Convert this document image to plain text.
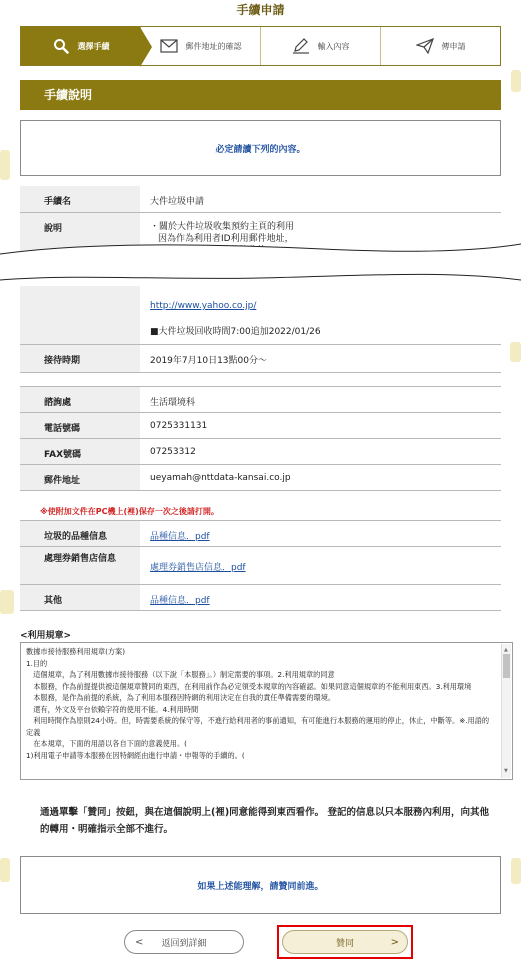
手續申請
選擇手續	郵件地址的確認	輸入內容	傳申請
手續說明
必定請讀下列的內容。
手續名	大件垃圾申請
說明	・關於大件垃圾收集預約主頁的利用
因為作為利用者ID利用郵件地址，
	http://www.yahoo.co.jp/
■大件垃圾回收時間7:00追加2022/01/26

接待時期	2019年7月10日13點00分～
諮詢處	生活環境科
電話號碼	0725331131
FAX號碼	07253312
郵件地址	ueyamah@nttdata-kansai.co.jp
※使附加文件在PC機上(裡)保存一次之後請打開。
垃圾的品種信息	品種信息．pdf
處理券銷售店信息	處理券銷售店信息．pdf
其他	品種信息．pdf
<利用規章>
數據市接待服務利用規章(方案)
1.目的
　這個規章，為了利用數據市接待服務（以下說「本服務」。）制定需要的事項。2.利用規章的同意
　本服務，作為前提提供被這個規章贊同的東西，在利用前作為必定領受本規章的內容確認。如果同意這個規章的不能利用東西。3.利用環境
　本服務，是作為前提的系統，為了利用本服務因特網的利用決定在自我的責任準備需要的環境。
　還有，外文及平台依賴字符的使用不能。4.利用時間
　利用時間作為原則24小時。但，時需要系統的保守等，不進行給利用者的事前通知，有可能進行本服務的運用的停止，休止，中斷等。※.用語的定義
　在本規章，下面的用語以各自下面的意義使用。(
1)利用電子申請等本服務在因特網經由進行申請・申報等的手續的。(
▲
▼
通過單擊「贊同」按鈕，與在這個說明上(裡)同意能得到東西看作。 登記的信息以只本服務內利用，向其他的轉用・明確指示全部不進行。
如果上述能理解，請贊同前進。
< 返回到詳細	贊同	>
